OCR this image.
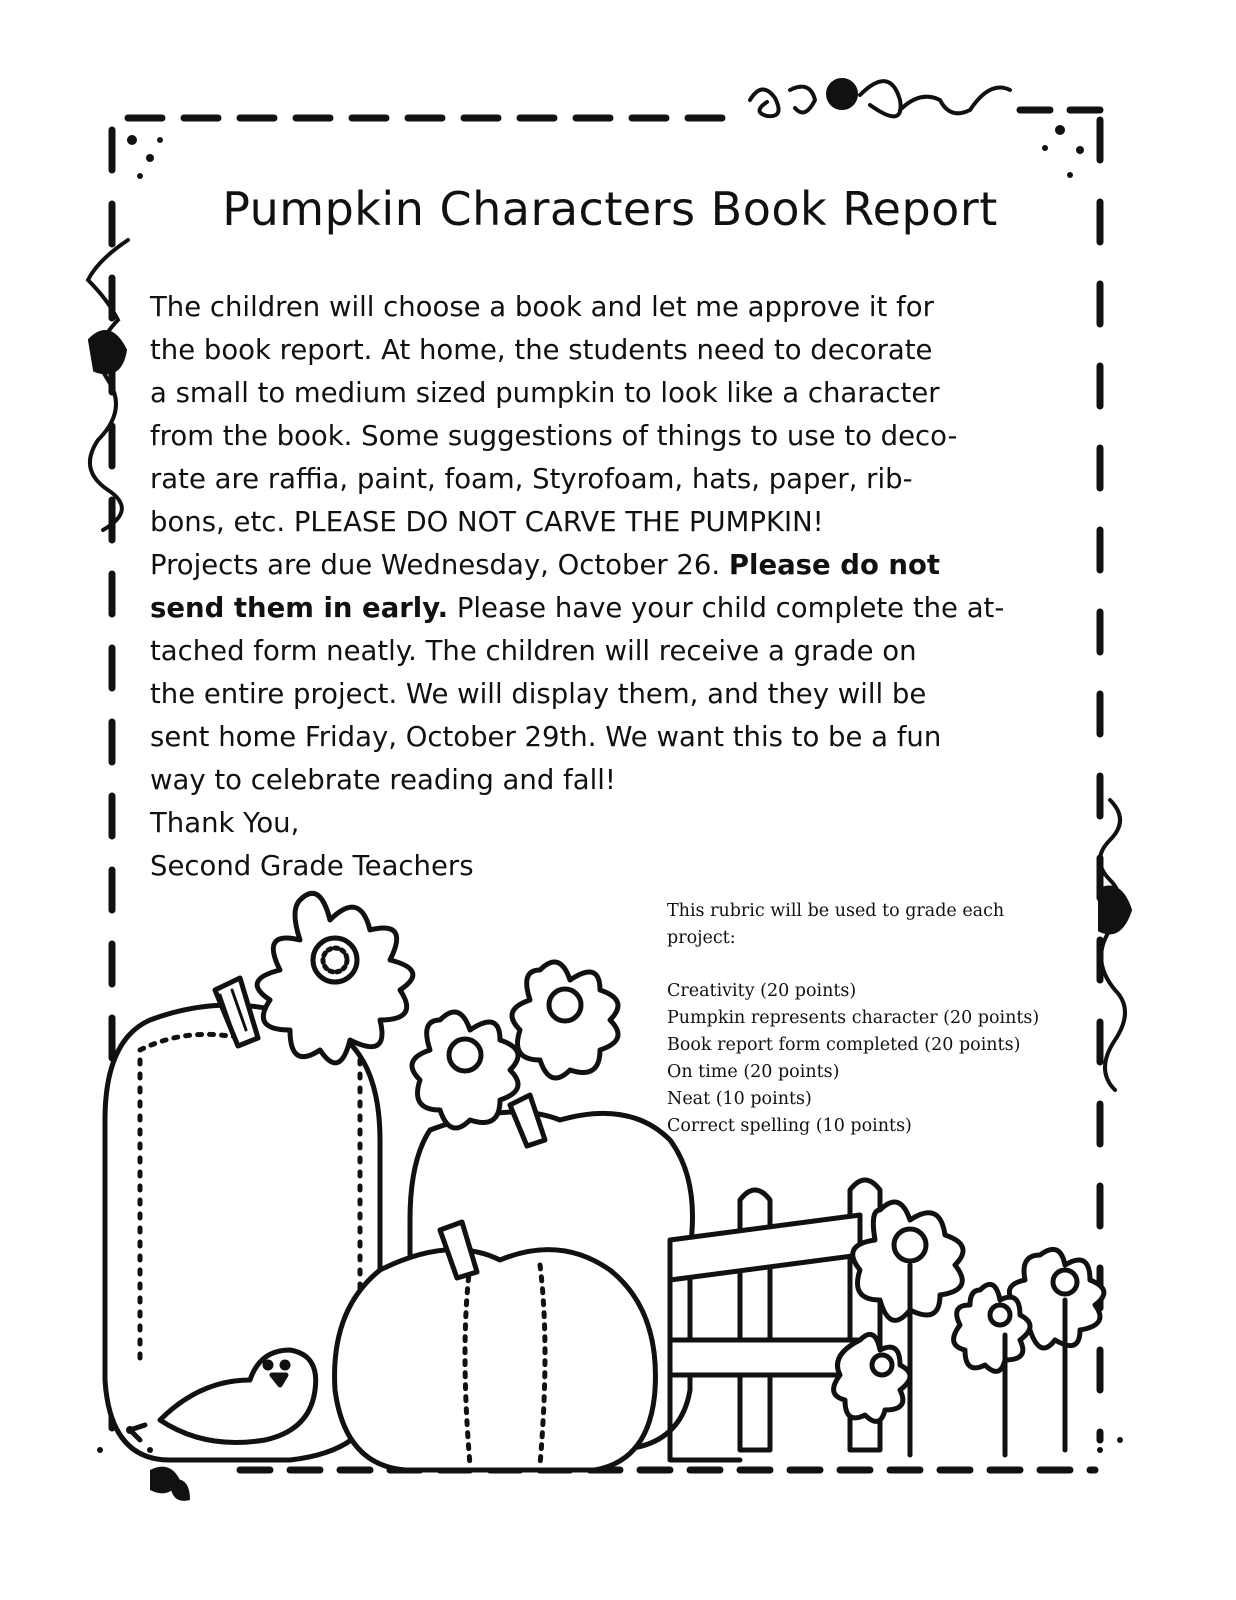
Pumpkin Characters Book Report
The children will choose a book and let me approve it for
the book report. At home, the students need to decorate
a small to medium sized pumpkin to look like a character
from the book. Some suggestions of things to use to deco-
rate are raffia, paint, foam, Styrofoam, hats, paper, rib-
bons, etc. PLEASE DO NOT CARVE THE PUMPKIN!
Projects are due Wednesday, October 26. Please do not
send them in early. Please have your child complete the at-
tached form neatly. The children will receive a grade on
the entire project. We will display them, and they will be
sent home Friday, October 29th. We want this to be a fun
way to celebrate reading and fall!
Thank You,
Second Grade Teachers
This rubric will be used to grade each
project:
Creativity (20 points)
Pumpkin represents character (20 points)
Book report form completed (20 points)
On time (20 points)
Neat (10 points)
Correct spelling (10 points)
